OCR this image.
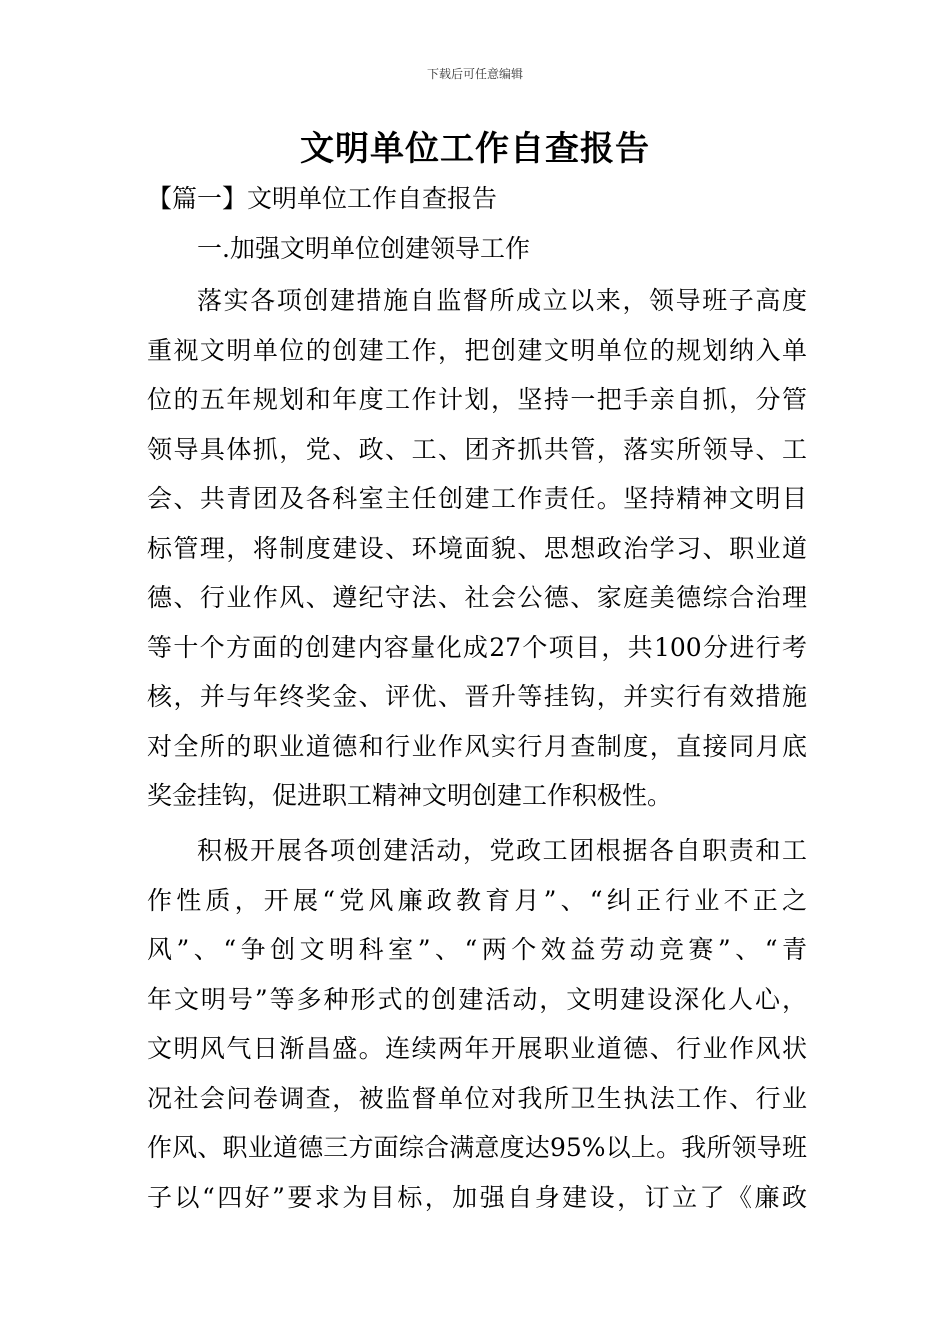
下载后可任意编辑
文明单位工作自查报告
【篇一】文明单位工作自查报告
一.加强文明单位创建领导工作
落实各项创建措施自监督所成立以来，领导班子高度
重视文明单位的创建工作，把创建文明单位的规划纳入单
位的五年规划和年度工作计划，坚持一把手亲自抓，分管
领导具体抓，党、政、工、团齐抓共管，落实所领导、工
会、共青团及各科室主任创建工作责任。坚持精神文明目
标管理，将制度建设、环境面貌、思想政治学习、职业道
德、行业作风、遵纪守法、社会公德、家庭美德综合治理
等十个方面的创建内容量化成27个项目，共100分进行考
核，并与年终奖金、评优、晋升等挂钩，并实行有效措施
对全所的职业道德和行业作风实行月查制度，直接同月底
奖金挂钩，促进职工精神文明创建工作积极性。
积极开展各项创建活动，党政工团根据各自职责和工
作性质，开展“党风廉政教育月”、“纠正行业不正之
风”、“争创文明科室”、“两个效益劳动竞赛”、“青
年文明号”等多种形式的创建活动，文明建设深化人心，
文明风气日渐昌盛。连续两年开展职业道德、行业作风状
况社会问卷调查，被监督单位对我所卫生执法工作、行业
作风、职业道德三方面综合满意度达95%以上。我所领导班
子以“四好”要求为目标，加强自身建设，订立了《廉政
